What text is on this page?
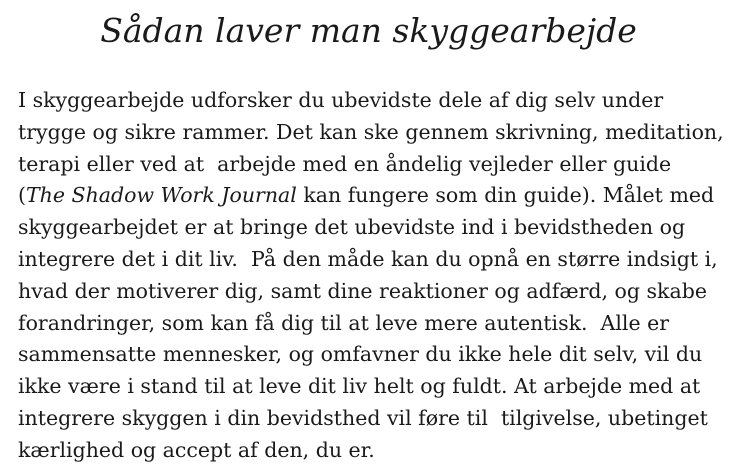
Sådan laver man skyggearbejde

I skyggearbejde udforsker du ubevidste dele af dig selv under
trygge og sikre rammer. Det kan ske gennem skrivning, meditation,
terapi eller ved at  arbejde med en åndelig vejleder eller guide
(The Shadow Work Journal kan fungere som din guide). Målet med
skyggearbejdet er at bringe det ubevidste ind i bevidstheden og
integrere det i dit liv.  På den måde kan du opnå en større indsigt i,
hvad der motiverer dig, samt dine reaktioner og adfærd, og skabe
forandringer, som kan få dig til at leve mere autentisk.  Alle er
sammensatte mennesker, og omfavner du ikke hele dit selv, vil du
ikke være i stand til at leve dit liv helt og fuldt. At arbejde med at
integrere skyggen i din bevidsthed vil føre til  tilgivelse, ubetinget
kærlighed og accept af den, du er.
